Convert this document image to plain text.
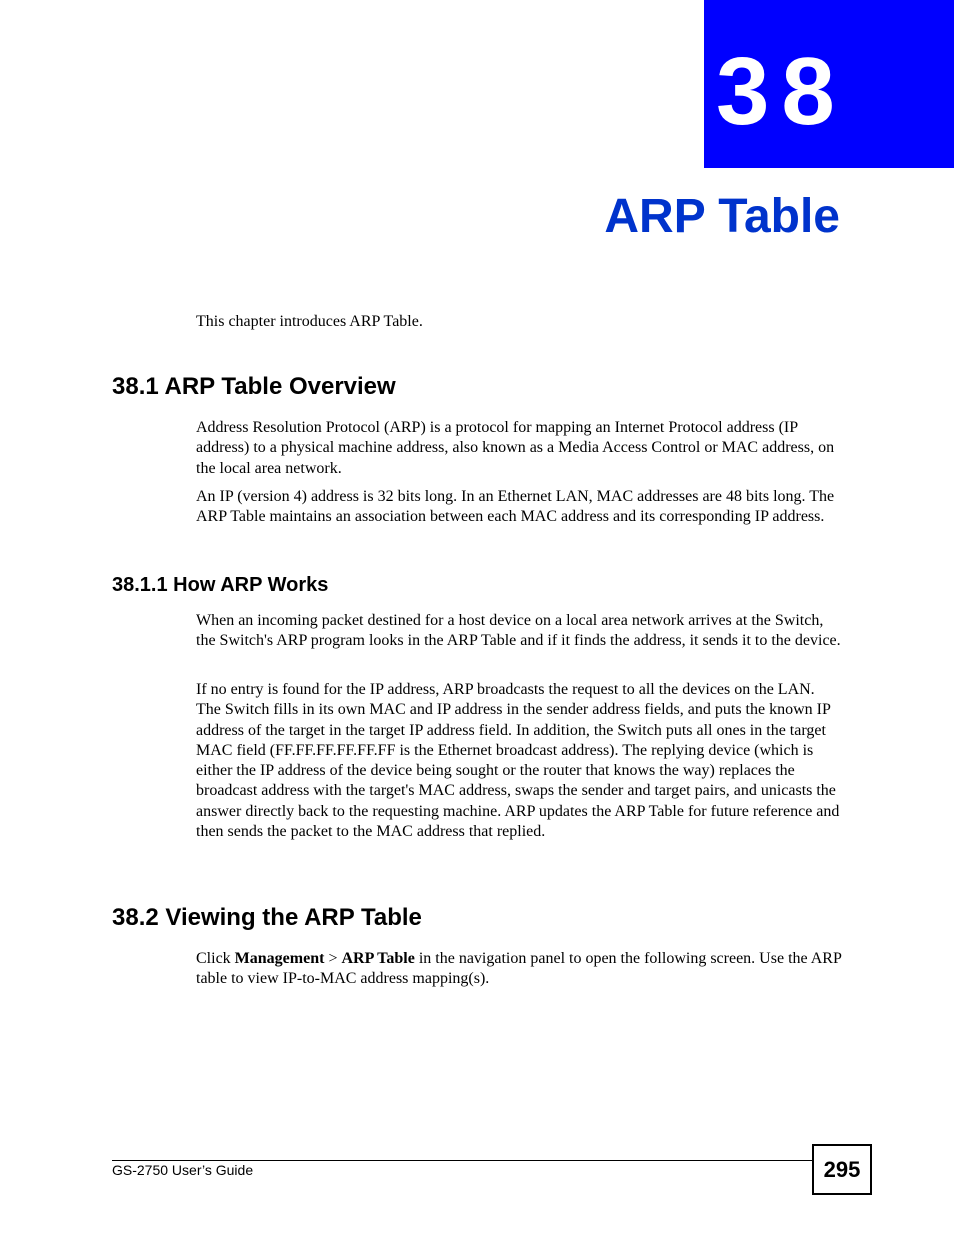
38
ARP Table

This chapter introduces ARP Table.

38.1 ARP Table Overview

Address Resolution Protocol (ARP) is a protocol for mapping an Internet Protocol address (IP address) to a physical machine address, also known as a Media Access Control or MAC address, on the local area network.

An IP (version 4) address is 32 bits long. In an Ethernet LAN, MAC addresses are 48 bits long. The ARP Table maintains an association between each MAC address and its corresponding IP address.

38.1.1 How ARP Works

When an incoming packet destined for a host device on a local area network arrives at the Switch, the Switch's ARP program looks in the ARP Table and if it finds the address, it sends it to the device.

If no entry is found for the IP address, ARP broadcasts the request to all the devices on the LAN. The Switch fills in its own MAC and IP address in the sender address fields, and puts the known IP address of the target in the target IP address field. In addition, the Switch puts all ones in the target MAC field (FF.FF.FF.FF.FF.FF is the Ethernet broadcast address). The replying device (which is either the IP address of the device being sought or the router that knows the way) replaces the broadcast address with the target's MAC address, swaps the sender and target pairs, and unicasts the answer directly back to the requesting machine. ARP updates the ARP Table for future reference and then sends the packet to the MAC address that replied.

38.2 Viewing the ARP Table

Click Management > ARP Table in the navigation panel to open the following screen. Use the ARP table to view IP-to-MAC address mapping(s).

GS-2750 User’s Guide	295
